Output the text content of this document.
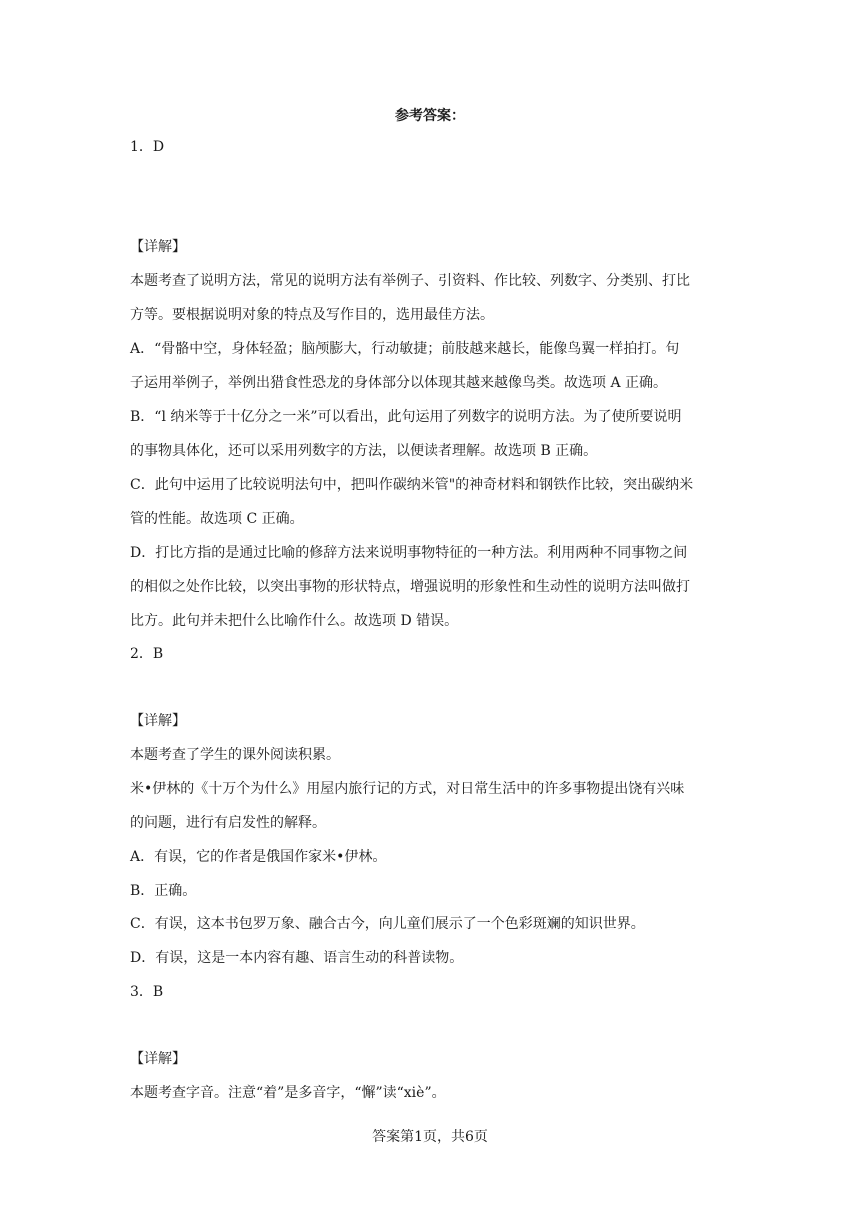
参考答案：
1．D
【详解】
本题考查了说明方法，常见的说明方法有举例子、引资料、作比较、列数字、分类别、打比
方等。要根据说明对象的特点及写作目的，选用最佳方法。
A．“骨骼中空，身体轻盈；脑颅膨大，行动敏捷；前肢越来越长，能像鸟翼一样拍打。句
子运用举例子，举例出猎食性恐龙的身体部分以体现其越来越像鸟类。故选项 A 正确。
B．“l 纳米等于十亿分之一米”可以看出，此句运用了列数字的说明方法。为了使所要说明
的事物具体化，还可以采用列数字的方法，以便读者理解。故选项 B 正确。
C．此句中运用了比较说明法句中，把叫作碳纳米管"的神奇材料和钢铁作比较，突出碳纳米
管的性能。故选项 C 正确。
D．打比方指的是通过比喻的修辞方法来说明事物特征的一种方法。利用两种不同事物之间
的相似之处作比较，以突出事物的形状特点，增强说明的形象性和生动性的说明方法叫做打
比方。此句并未把什么比喻作什么。故选项 D 错误。
2．B
【详解】
本题考查了学生的课外阅读积累。
米•伊林的《十万个为什么》用屋内旅行记的方式，对日常生活中的许多事物提出饶有兴味
的问题，进行有启发性的解释。
A．有误，它的作者是俄国作家米•伊林。
B．正确。
C．有误，这本书包罗万象、融合古今，向儿童们展示了一个色彩斑斓的知识世界。
D．有误，这是一本内容有趣、语言生动的科普读物。
3．B
【详解】
本题考查字音。注意“着”是多音字，“懈”读“xiè”。
答案第1页，共6页
